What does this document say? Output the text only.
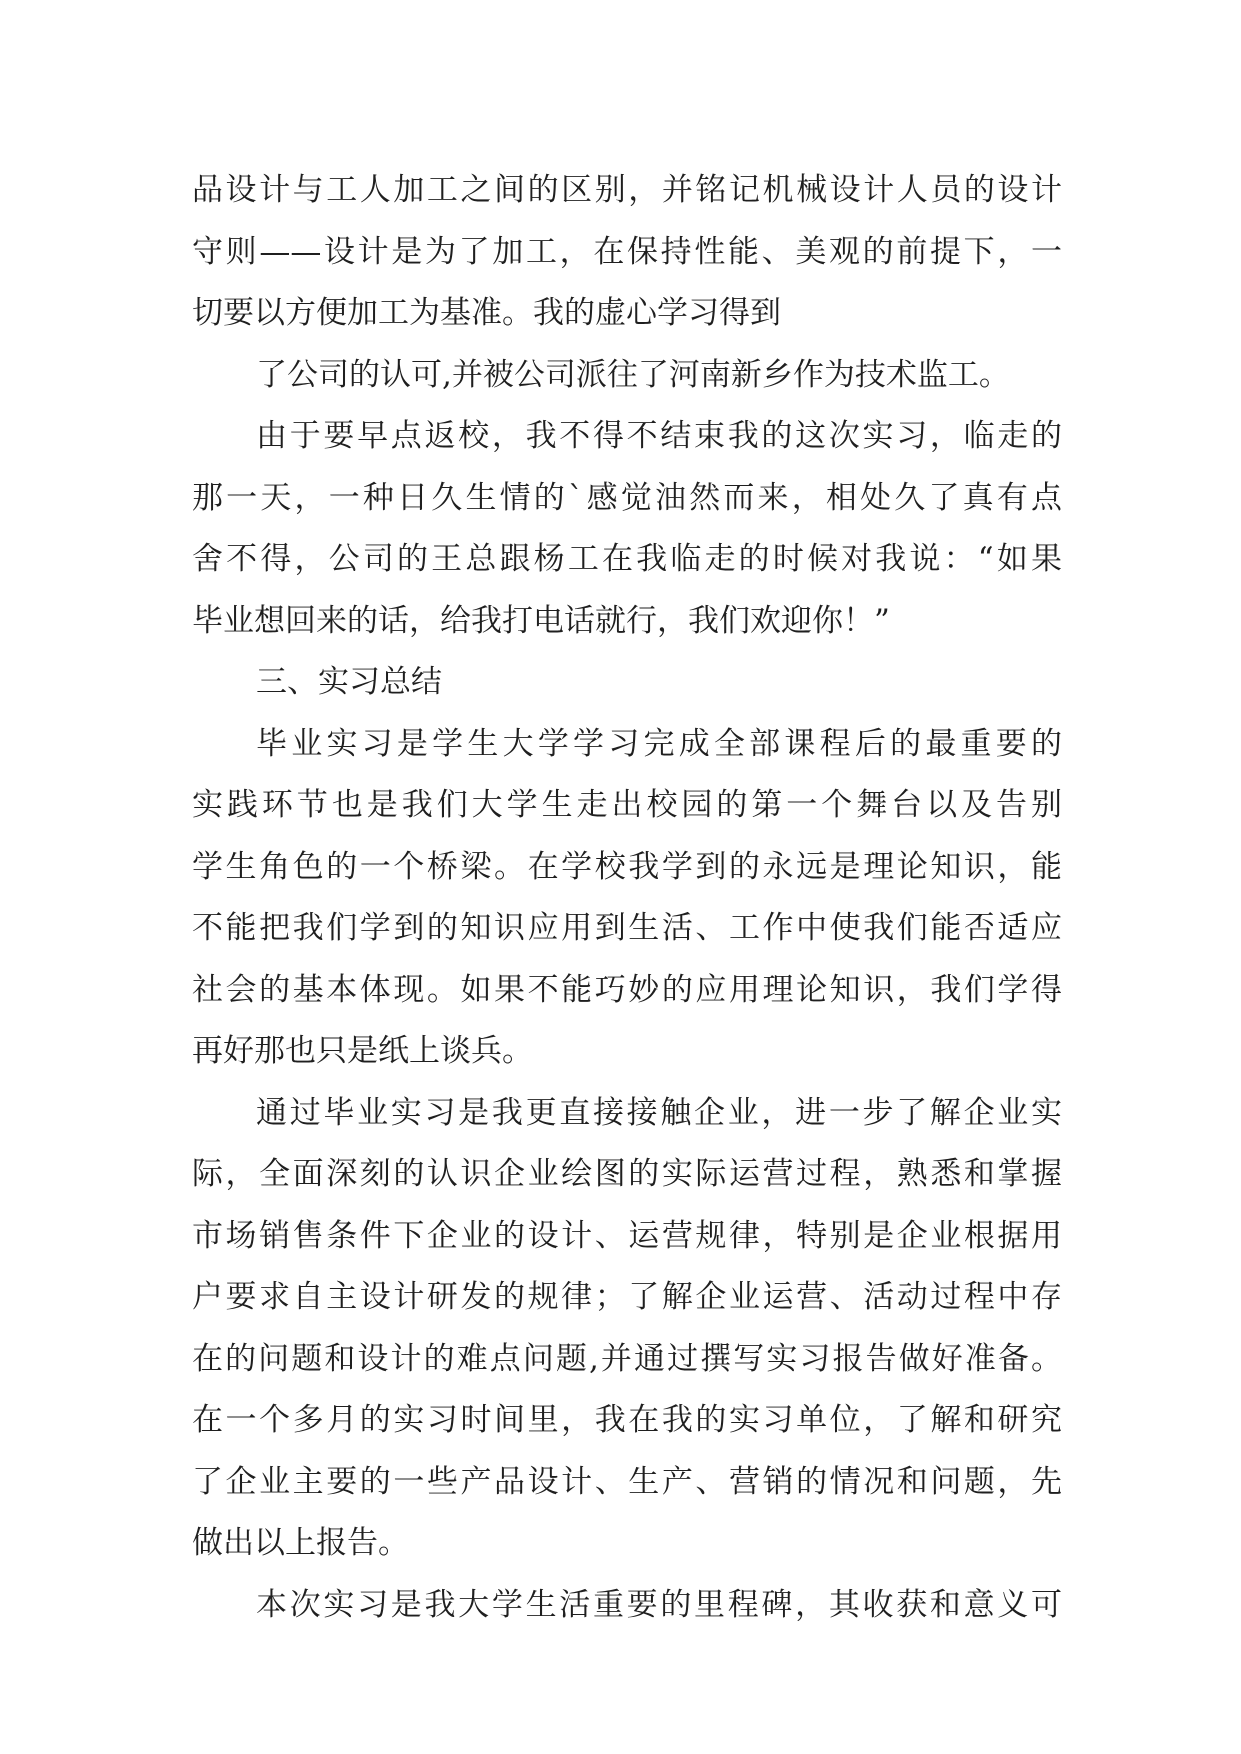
品设计与工人加工之间的区别，并铭记机械设计人员的设计
守则——设计是为了加工，在保持性能、美观的前提下，一
切要以方便加工为基准。我的虚心学习得到
了公司的认可,并被公司派往了河南新乡作为技术监工。
由于要早点返校，我不得不结束我的这次实习，临走的
那一天，一种日久生情的`感觉油然而来，相处久了真有点
舍不得，公司的王总跟杨工在我临走的时候对我说：“如果
毕业想回来的话，给我打电话就行，我们欢迎你！”
三、实习总结
毕业实习是学生大学学习完成全部课程后的最重要的
实践环节也是我们大学生走出校园的第一个舞台以及告别
学生角色的一个桥梁。在学校我学到的永远是理论知识，能
不能把我们学到的知识应用到生活、工作中使我们能否适应
社会的基本体现。如果不能巧妙的应用理论知识，我们学得
再好那也只是纸上谈兵。
通过毕业实习是我更直接接触企业，进一步了解企业实
际，全面深刻的认识企业绘图的实际运营过程，熟悉和掌握
市场销售条件下企业的设计、运营规律，特别是企业根据用
户要求自主设计研发的规律；了解企业运营、活动过程中存
在的问题和设计的难点问题,并通过撰写实习报告做好准备。
在一个多月的实习时间里，我在我的实习单位，了解和研究
了企业主要的一些产品设计、生产、营销的情况和问题，先
做出以上报告。
本次实习是我大学生活重要的里程碑，其收获和意义可
